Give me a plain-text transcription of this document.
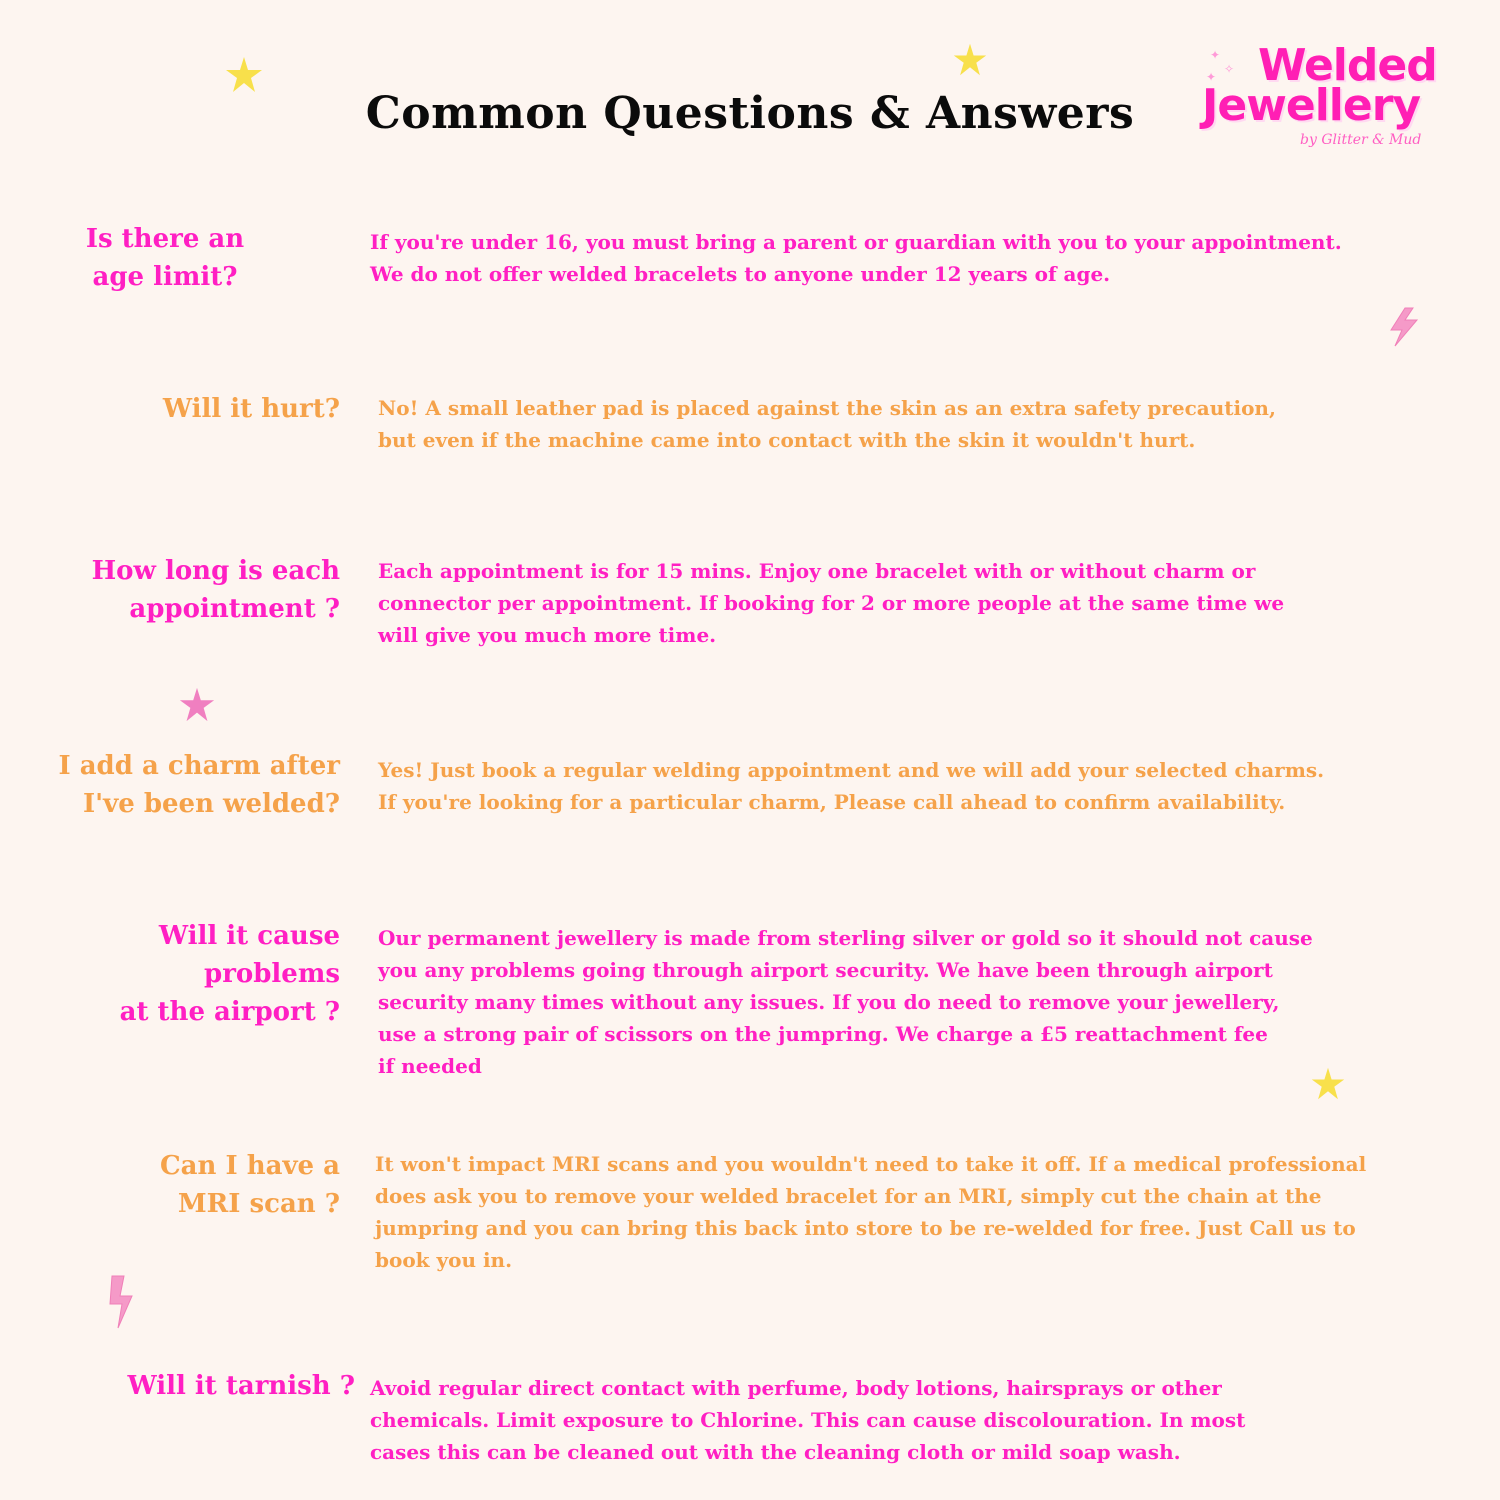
Common Questions & Answers
✦
✧
✦ Welded
Jewellery
by Glitter & Mud

Is there an
age limit?

If you're under 16, you must bring a parent or guardian with you to your appointment.
We do not offer welded bracelets to anyone under 12 years of age.

Will it hurt? No! A small leather pad is placed against the skin as an extra safety precaution,
but even if the machine came into contact with the skin it wouldn't hurt.

How long is each
appointment ?

Each appointment is for 15 mins. Enjoy one bracelet with or without charm or
connector per appointment. If booking for 2 or more people at the same time we
will give you much more time.

I add a charm after
I've been welded?

Yes! Just book a regular welding appointment and we will add your selected charms.
If you're looking for a particular charm, Please call ahead to confirm availability.

Will it cause
problems
at the airport ?

Our permanent jewellery is made from sterling silver or gold so it should not cause
you any problems going through airport security. We have been through airport
security many times without any issues. If you do need to remove your jewellery,
use a strong pair of scissors on the jumpring. We charge a £5 reattachment fee
if needed

Can I have a
MRI scan ?

It won't impact MRI scans and you wouldn't need to take it off. If a medical professional
does ask you to remove your welded bracelet for an MRI, simply cut the chain at the
jumpring and you can bring this back into store to be re-welded for free. Just Call us to
book you in.

Will it tarnish ? Avoid regular direct contact with perfume, body lotions, hairsprays or other
chemicals. Limit exposure to Chlorine. This can cause discolouration. In most
cases this can be cleaned out with the cleaning cloth or mild soap wash.
